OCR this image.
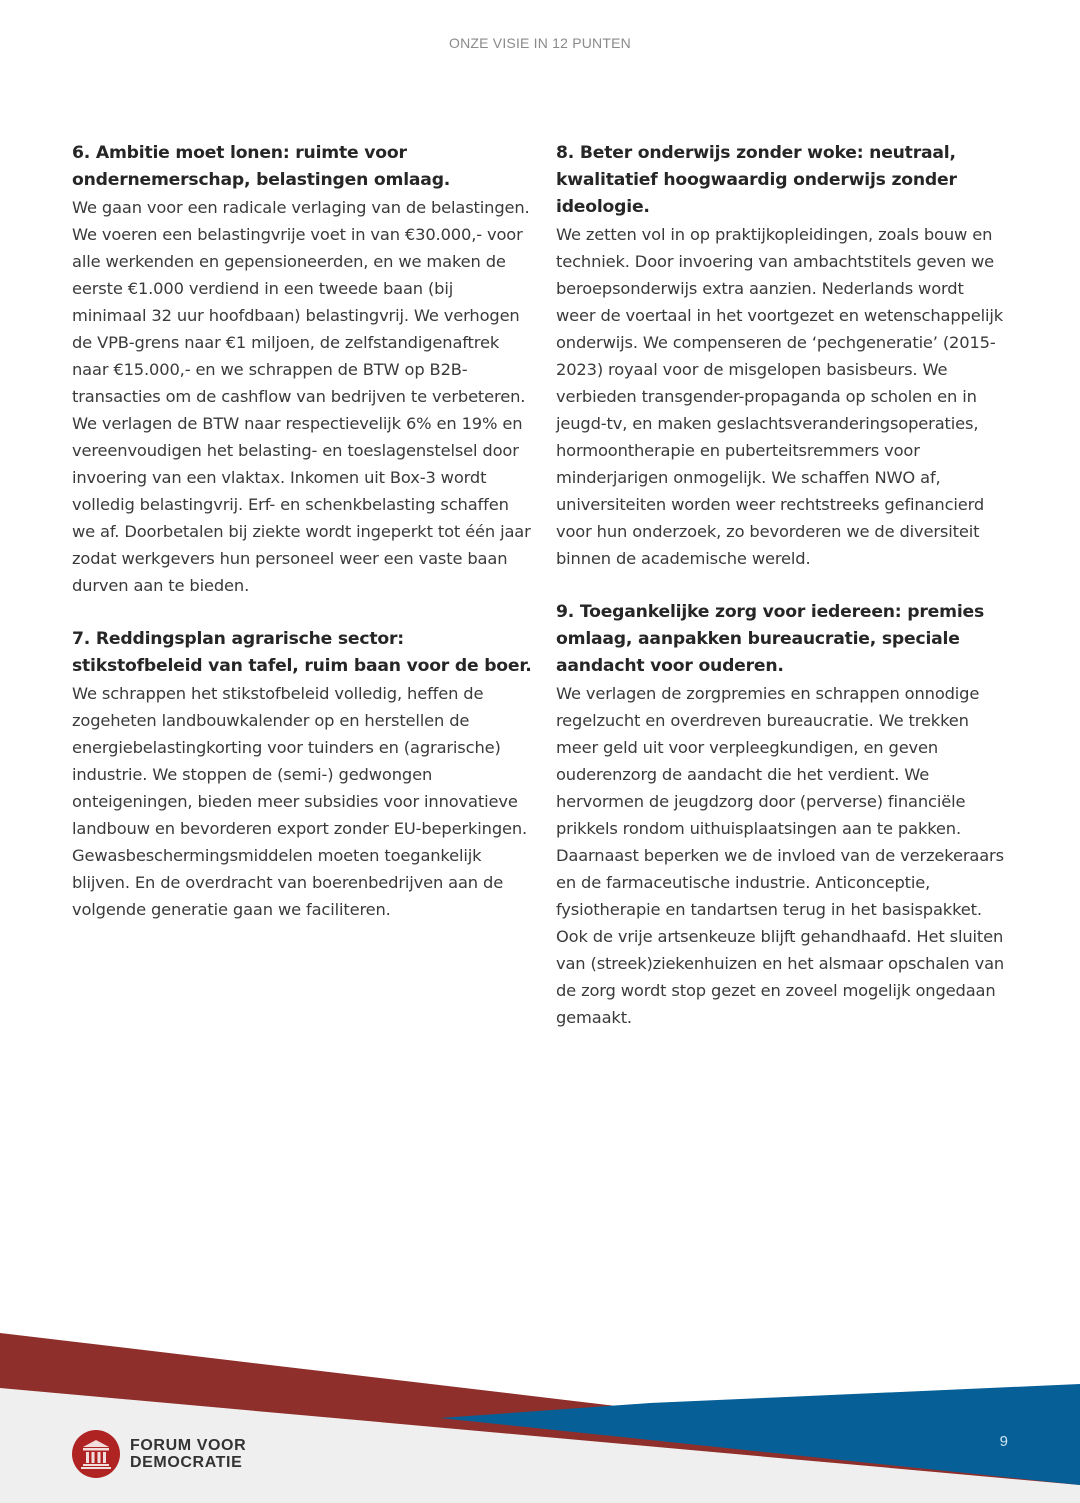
ONZE VISIE IN 12 PUNTEN
6. Ambitie moet lonen: ruimte voor ondernemerschap, belastingen omlaag.

We gaan voor een radicale verlaging van de belastingen. We voeren een belastingvrije voet in van €30.000,- voor alle werkenden en gepensioneerden, en we maken de eerste €1.000 verdiend in een tweede baan (bij minimaal 32 uur hoofdbaan) belastingvrij. We verhogen de VPB-grens naar €1 miljoen, de zelfstandigenaftrek naar €15.000,- en we schrappen de BTW op B2B-transacties om de cashflow van bedrijven te verbeteren. We verlagen de BTW naar respectievelijk 6% en 19% en vereenvoudigen het belasting- en toeslagenstelsel door invoering van een vlaktax. Inkomen uit Box-3 wordt volledig belastingvrij. Erf- en schenkbelasting schaffen we af. Doorbetalen bij ziekte wordt ingeperkt tot één jaar zodat werkgevers hun personeel weer een vaste baan durven aan te bieden.

7. Reddingsplan agrarische sector: stikstofbeleid van tafel, ruim baan voor de boer.

We schrappen het stikstofbeleid volledig, heffen de zogeheten landbouwkalender op en herstellen de energiebelastingkorting voor tuinders en (agrarische) industrie. We stoppen de (semi-) gedwongen onteigeningen, bieden meer subsidies voor innovatieve landbouw en bevorderen export zonder EU-beperkingen. Gewasbeschermingsmiddelen moeten toegankelijk blijven. En de overdracht van boerenbedrijven aan de volgende generatie gaan we faciliteren.

8. Beter onderwijs zonder woke: neutraal, kwalitatief hoogwaardig onderwijs zonder ideologie.

We zetten vol in op praktijkopleidingen, zoals bouw en techniek. Door invoering van ambachtstitels geven we beroepsonderwijs extra aanzien. Nederlands wordt weer de voertaal in het voortgezet en wetenschappelijk onderwijs. We compenseren de ‘pechgeneratie’ (2015-2023) royaal voor de misgelopen basisbeurs. We verbieden transgender-propaganda op scholen en in jeugd-tv, en maken geslachtsveranderingsoperaties, hormoontherapie en puberteitsremmers voor minderjarigen onmogelijk. We schaffen NWO af, universiteiten worden weer rechtstreeks gefinancierd voor hun onderzoek, zo bevorderen we de diversiteit binnen de academische wereld.

9. Toegankelijke zorg voor iedereen: premies omlaag, aanpakken bureaucratie, speciale aandacht voor ouderen.

We verlagen de zorgpremies en schrappen onnodige regelzucht en overdreven bureaucratie. We trekken meer geld uit voor verpleegkundigen, en geven ouderenzorg de aandacht die het verdient. We hervormen de jeugdzorg door (perverse) financiële prikkels rondom uithuisplaatsingen aan te pakken. Daarnaast beperken we de invloed van de verzekeraars en de farmaceutische industrie. Anticonceptie, fysiotherapie en tandartsen terug in het basispakket. Ook de vrije artsenkeuze blijft gehandhaafd. Het sluiten van (streek)ziekenhuizen en het alsmaar opschalen van de zorg wordt stop gezet en zoveel mogelijk ongedaan gemaakt.

FORUM VOOR
DEMOCRATIE
9
